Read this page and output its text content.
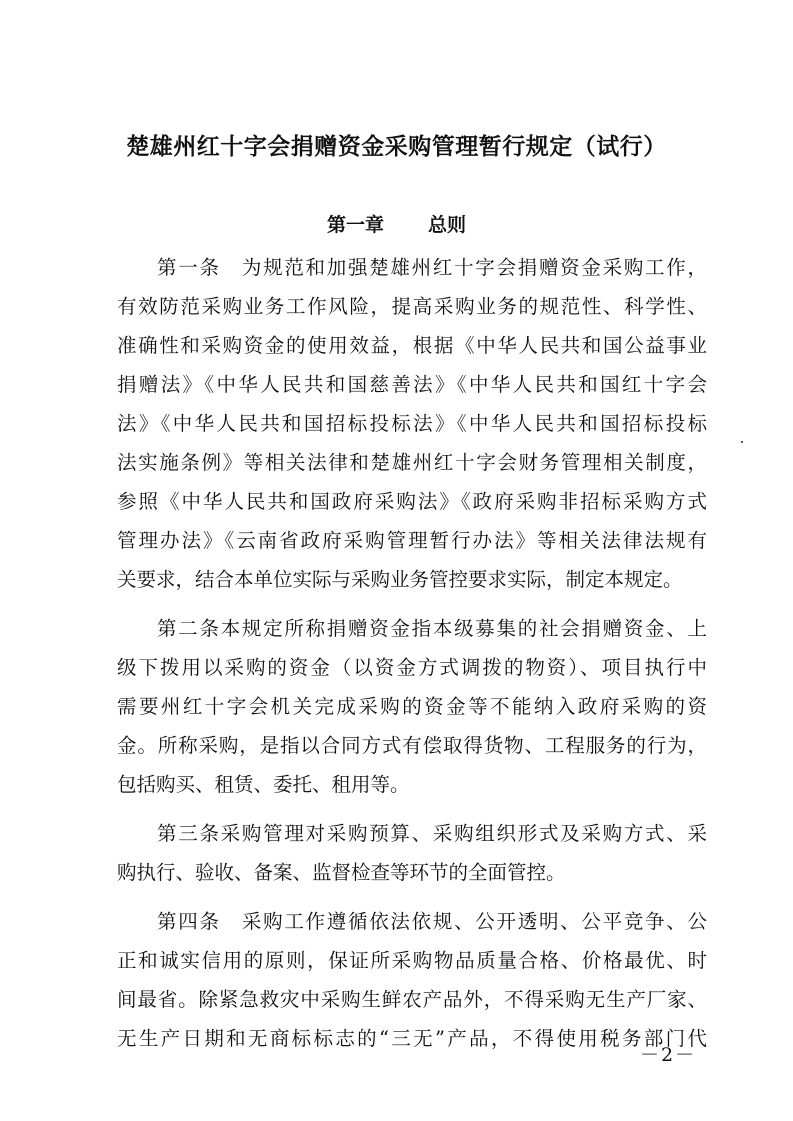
楚雄州红十字会捐赠资金采购管理暂行规定（试行）
第一章 总则
第一条　为规范和加强楚雄州红十字会捐赠资金采购工作，
有效防范采购业务工作风险，提高采购业务的规范性、科学性、
准确性和采购资金的使用效益，根据《中华人民共和国公益事业
捐赠法》《中华人民共和国慈善法》《中华人民共和国红十字会
法》《中华人民共和国招标投标法》《中华人民共和国招标投标
法实施条例》等相关法律和楚雄州红十字会财务管理相关制度，
参照《中华人民共和国政府采购法》《政府采购非招标采购方式
管理办法》《云南省政府采购管理暂行办法》等相关法律法规有
关要求，结合本单位实际与采购业务管控要求实际，制定本规定。
第二条本规定所称捐赠资金指本级募集的社会捐赠资金、上
级下拨用以采购的资金（以资金方式调拨的物资）、项目执行中
需要州红十字会机关完成采购的资金等不能纳入政府采购的资
金。所称采购，是指以合同方式有偿取得货物、工程服务的行为，
包括购买、租赁、委托、租用等。
第三条采购管理对采购预算、采购组织形式及采购方式、采
购执行、验收、备案、监督检查等环节的全面管控。
第四条　采购工作遵循依法依规、公开透明、公平竞争、公
正和诚实信用的原则，保证所采购物品质量合格、价格最优、时
间最省。除紧急救灾中采购生鲜农产品外，不得采购无生产厂家、
无生产日期和无商标标志的“三无”产品，不得使用税务部门代
－2－
